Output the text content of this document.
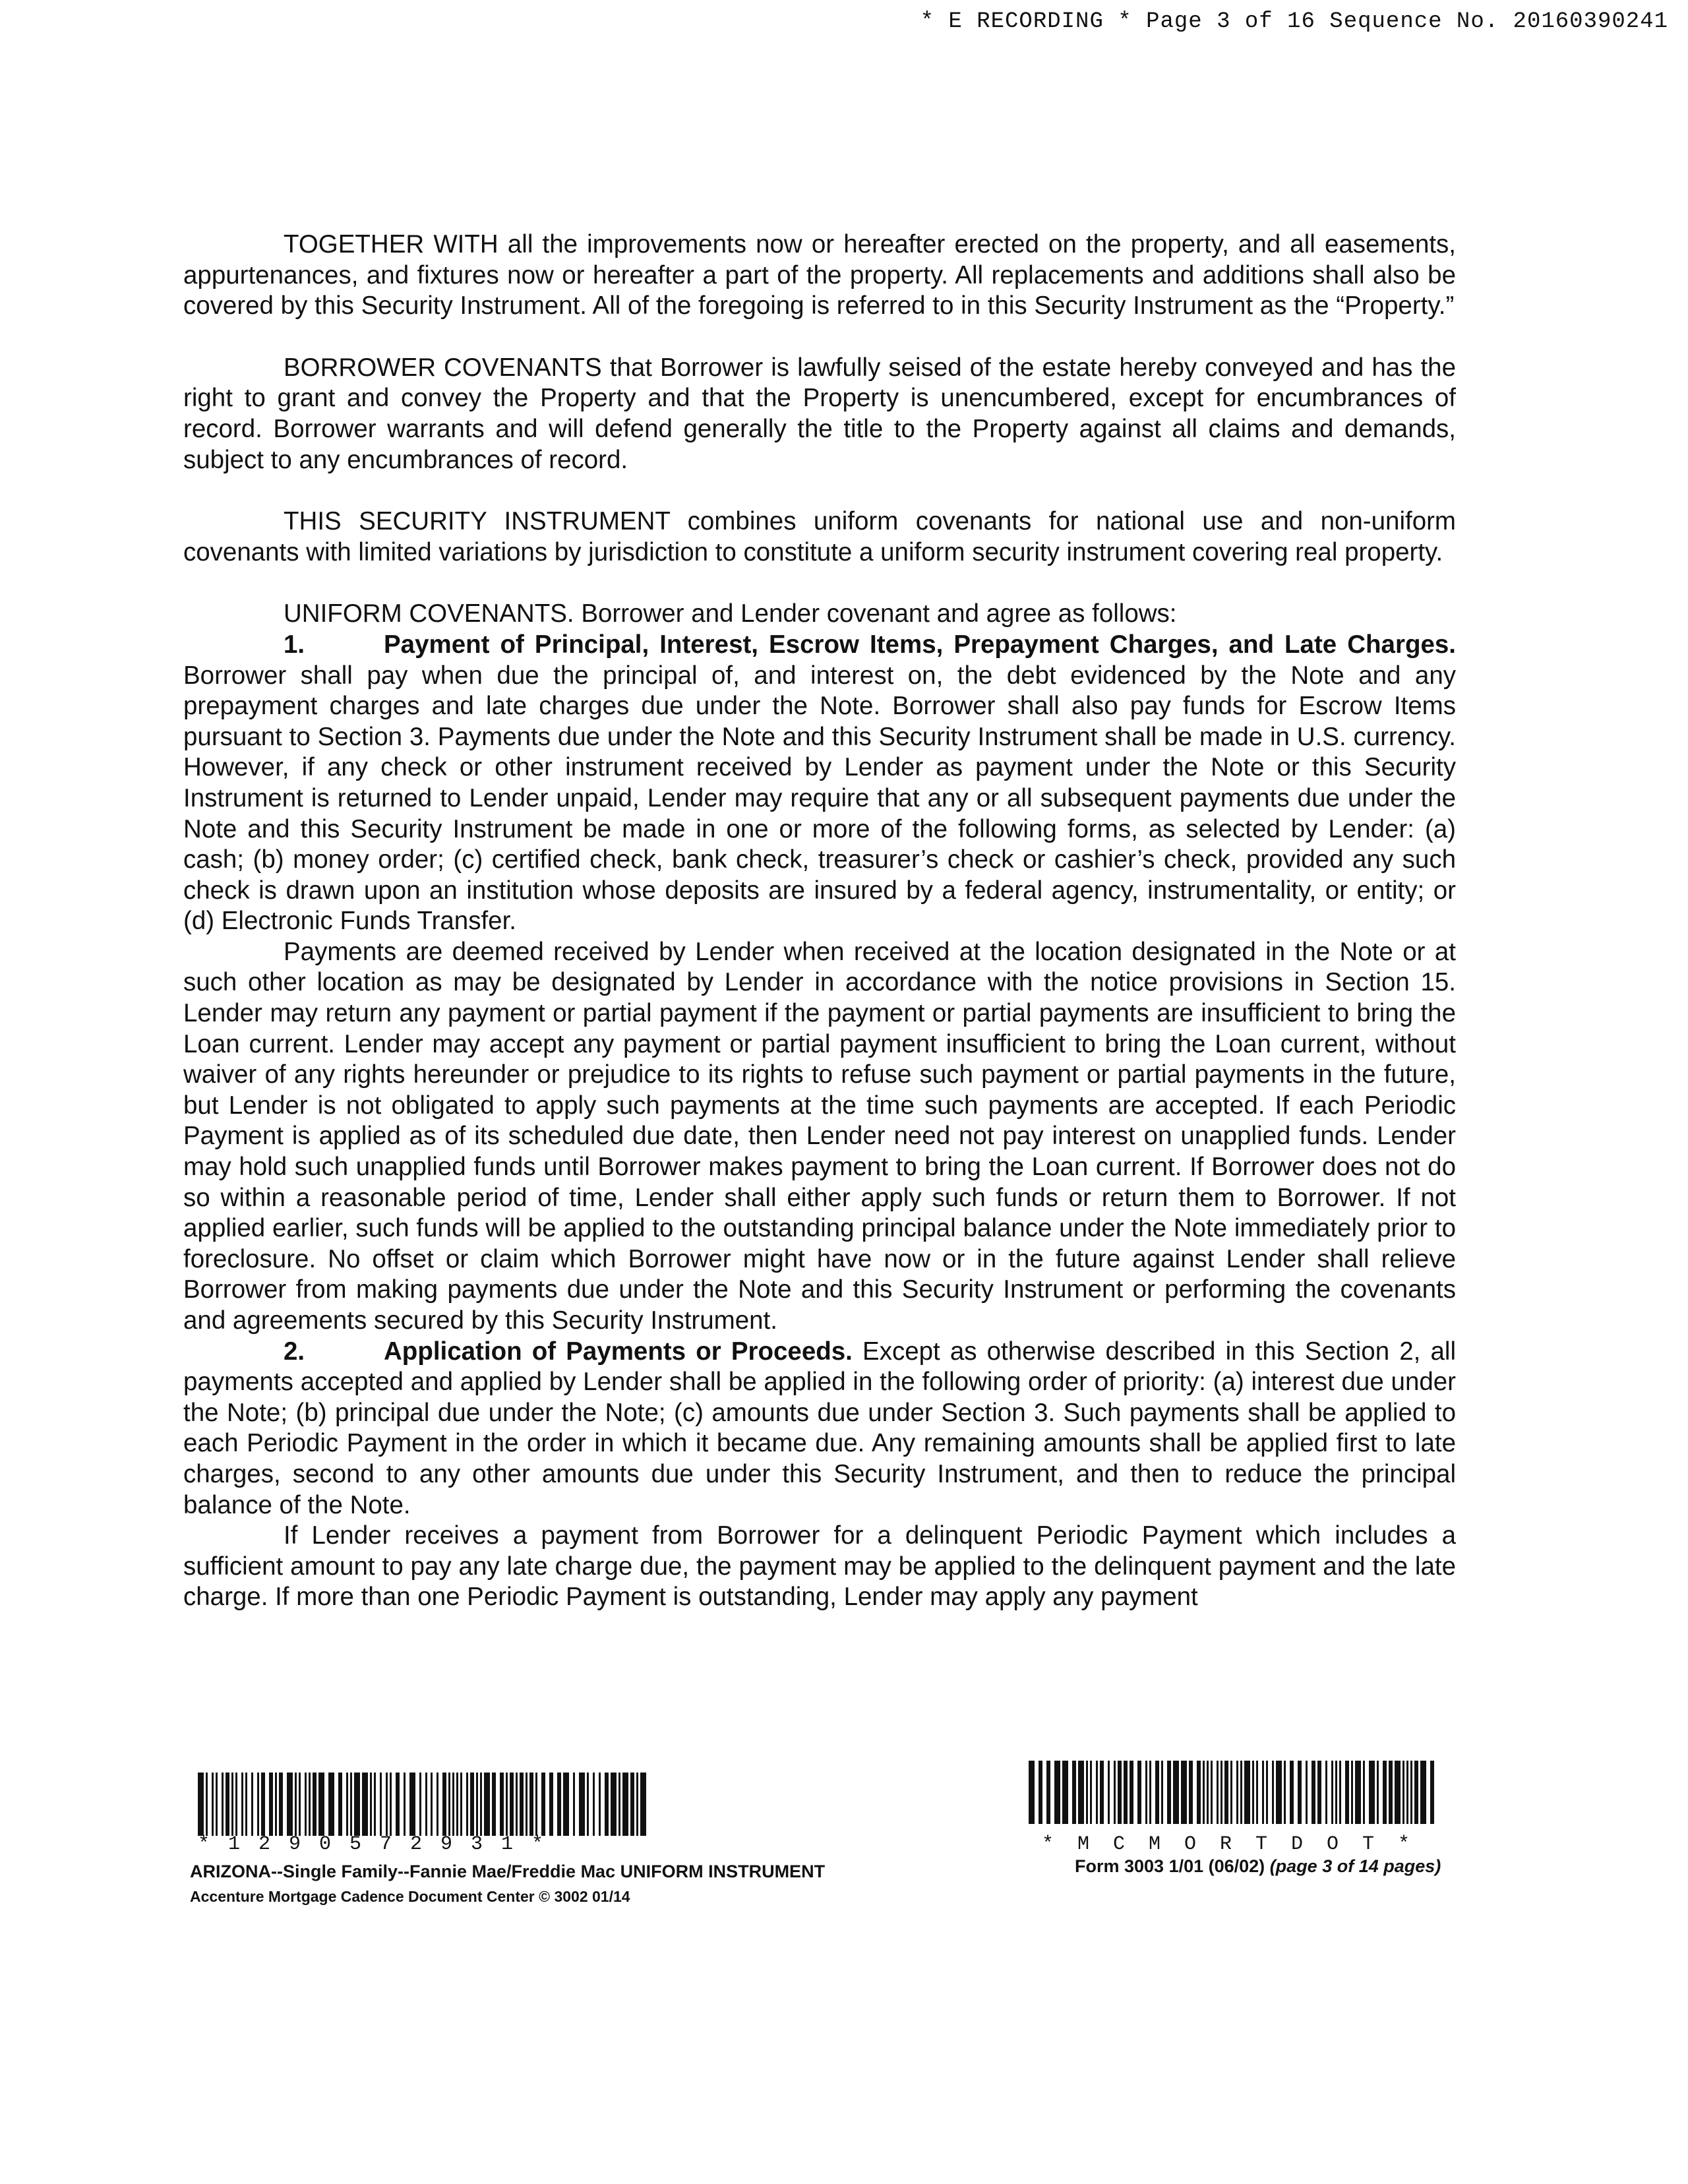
* E RECORDING * Page 3 of 16 Sequence No. 20160390241

TOGETHER WITH all the improvements now or hereafter erected on the property, and all easements, appurtenances, and fixtures now or hereafter a part of the property. All replacements and additions shall also be covered by this Security Instrument. All of the foregoing is referred to in this Security Instrument as the “Property.”

BORROWER COVENANTS that Borrower is lawfully seised of the estate hereby conveyed and has the right to grant and convey the Property and that the Property is unencumbered, except for encumbrances of record. Borrower warrants and will defend generally the title to the Property against all claims and demands, subject to any encumbrances of record.

THIS SECURITY INSTRUMENT combines uniform covenants for national use and non-uniform covenants with limited variations by jurisdiction to constitute a uniform security instrument covering real property.

UNIFORM COVENANTS. Borrower and Lender covenant and agree as follows:

1.	Payment of Principal, Interest, Escrow Items, Prepayment Charges, and Late Charges. Borrower shall pay when due the principal of, and interest on, the debt evidenced by the Note and any prepayment charges and late charges due under the Note. Borrower shall also pay funds for Escrow Items pursuant to Section 3. Payments due under the Note and this Security Instrument shall be made in U.S. currency. However, if any check or other instrument received by Lender as payment under the Note or this Security Instrument is returned to Lender unpaid, Lender may require that any or all subsequent payments due under the Note and this Security Instrument be made in one or more of the following forms, as selected by Lender: (a) cash; (b) money order; (c) certified check, bank check, treasurer’s check or cashier’s check, provided any such check is drawn upon an institution whose deposits are insured by a federal agency, instrumentality, or entity; or (d) Electronic Funds Transfer.

Payments are deemed received by Lender when received at the location designated in the Note or at such other location as may be designated by Lender in accordance with the notice provisions in Section 15. Lender may return any payment or partial payment if the payment or partial payments are insufficient to bring the Loan current. Lender may accept any payment or partial payment insufficient to bring the Loan current, without waiver of any rights hereunder or prejudice to its rights to refuse such payment or partial payments in the future, but Lender is not obligated to apply such payments at the time such payments are accepted. If each Periodic Payment is applied as of its scheduled due date, then Lender need not pay interest on unapplied funds. Lender may hold such unapplied funds until Borrower makes payment to bring the Loan current. If Borrower does not do so within a reasonable period of time, Lender shall either apply such funds or return them to Borrower. If not applied earlier, such funds will be applied to the outstanding principal balance under the Note immediately prior to foreclosure. No offset or claim which Borrower might have now or in the future against Lender shall relieve Borrower from making payments due under the Note and this Security Instrument or performing the covenants and agreements secured by this Security Instrument.

2.	Application of Payments or Proceeds. Except as otherwise described in this Section 2, all payments accepted and applied by Lender shall be applied in the following order of priority: (a) interest due under the Note; (b) principal due under the Note; (c) amounts due under Section 3. Such payments shall be applied to each Periodic Payment in the order in which it became due. Any remaining amounts shall be applied first to late charges, second to any other amounts due under this Security Instrument, and then to reduce the principal balance of the Note.

If Lender receives a payment from Borrower for a delinquent Periodic Payment which includes a sufficient amount to pay any late charge due, the payment may be applied to the delinquent payment and the late charge. If more than one Periodic Payment is outstanding, Lender may apply any payment

*1290572931*	*MCMORTDOT*
ARIZONA--Single Family--Fannie Mae/Freddie Mac UNIFORM INSTRUMENT
Accenture Mortgage Cadence Document Center © 3002 01/14
Form 3003 1/01 (06/02) (page 3 of 14 pages)
